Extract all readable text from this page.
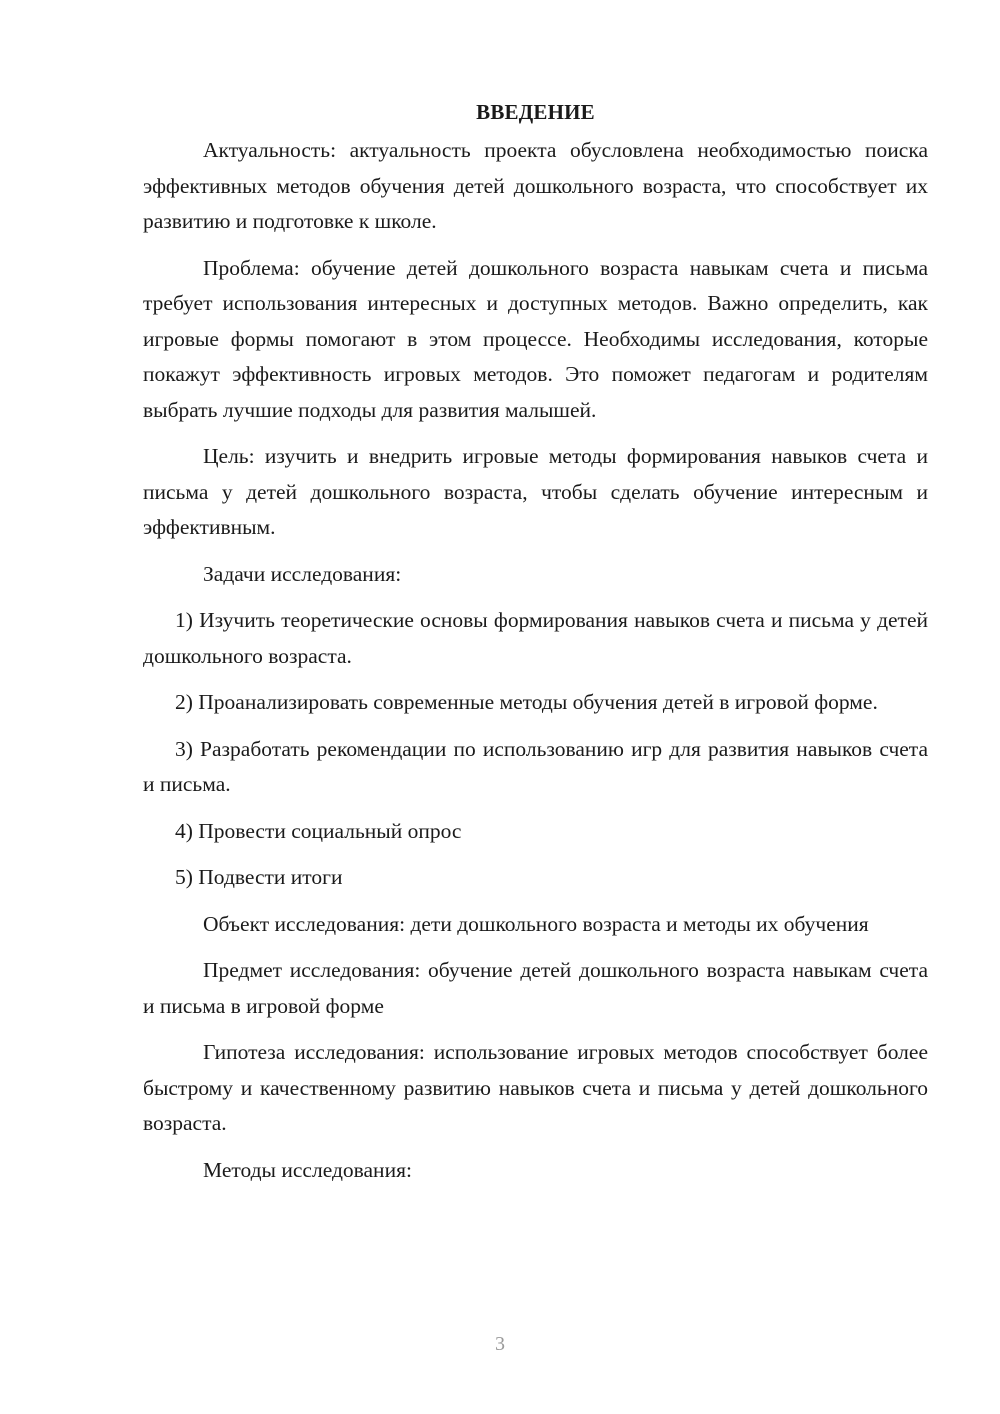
ВВЕДЕНИЕ

Актуальность: актуальность проекта обусловлена необходимостью поиска эффективных методов обучения детей дошкольного возраста, что способствует их развитию и подготовке к школе.

Проблема: обучение детей дошкольного возраста навыкам счета и письма требует использования интересных и доступных методов. Важно определить, как игровые формы помогают в этом процессе. Необходимы исследования, которые покажут эффективность игровых методов. Это поможет педагогам и родителям выбрать лучшие подходы для развития малышей.

Цель: изучить и внедрить игровые методы формирования навыков счета и письма у детей дошкольного возраста, чтобы сделать обучение интересным и эффективным.

Задачи исследования:

1) Изучить теоретические основы формирования навыков счета и письма у детей дошкольного возраста.

2) Проанализировать современные методы обучения детей в игровой форме.

3) Разработать рекомендации по использованию игр для развития навыков счета и письма.

4) Провести социальный опрос

5) Подвести итоги

Объект исследования: дети дошкольного возраста и методы их обучения

Предмет исследования: обучение детей дошкольного возраста навыкам счета и письма в игровой форме

Гипотеза исследования: использование игровых методов способствует более быстрому и качественному развитию навыков счета и письма у детей дошкольного возраста.

Методы исследования:

3
